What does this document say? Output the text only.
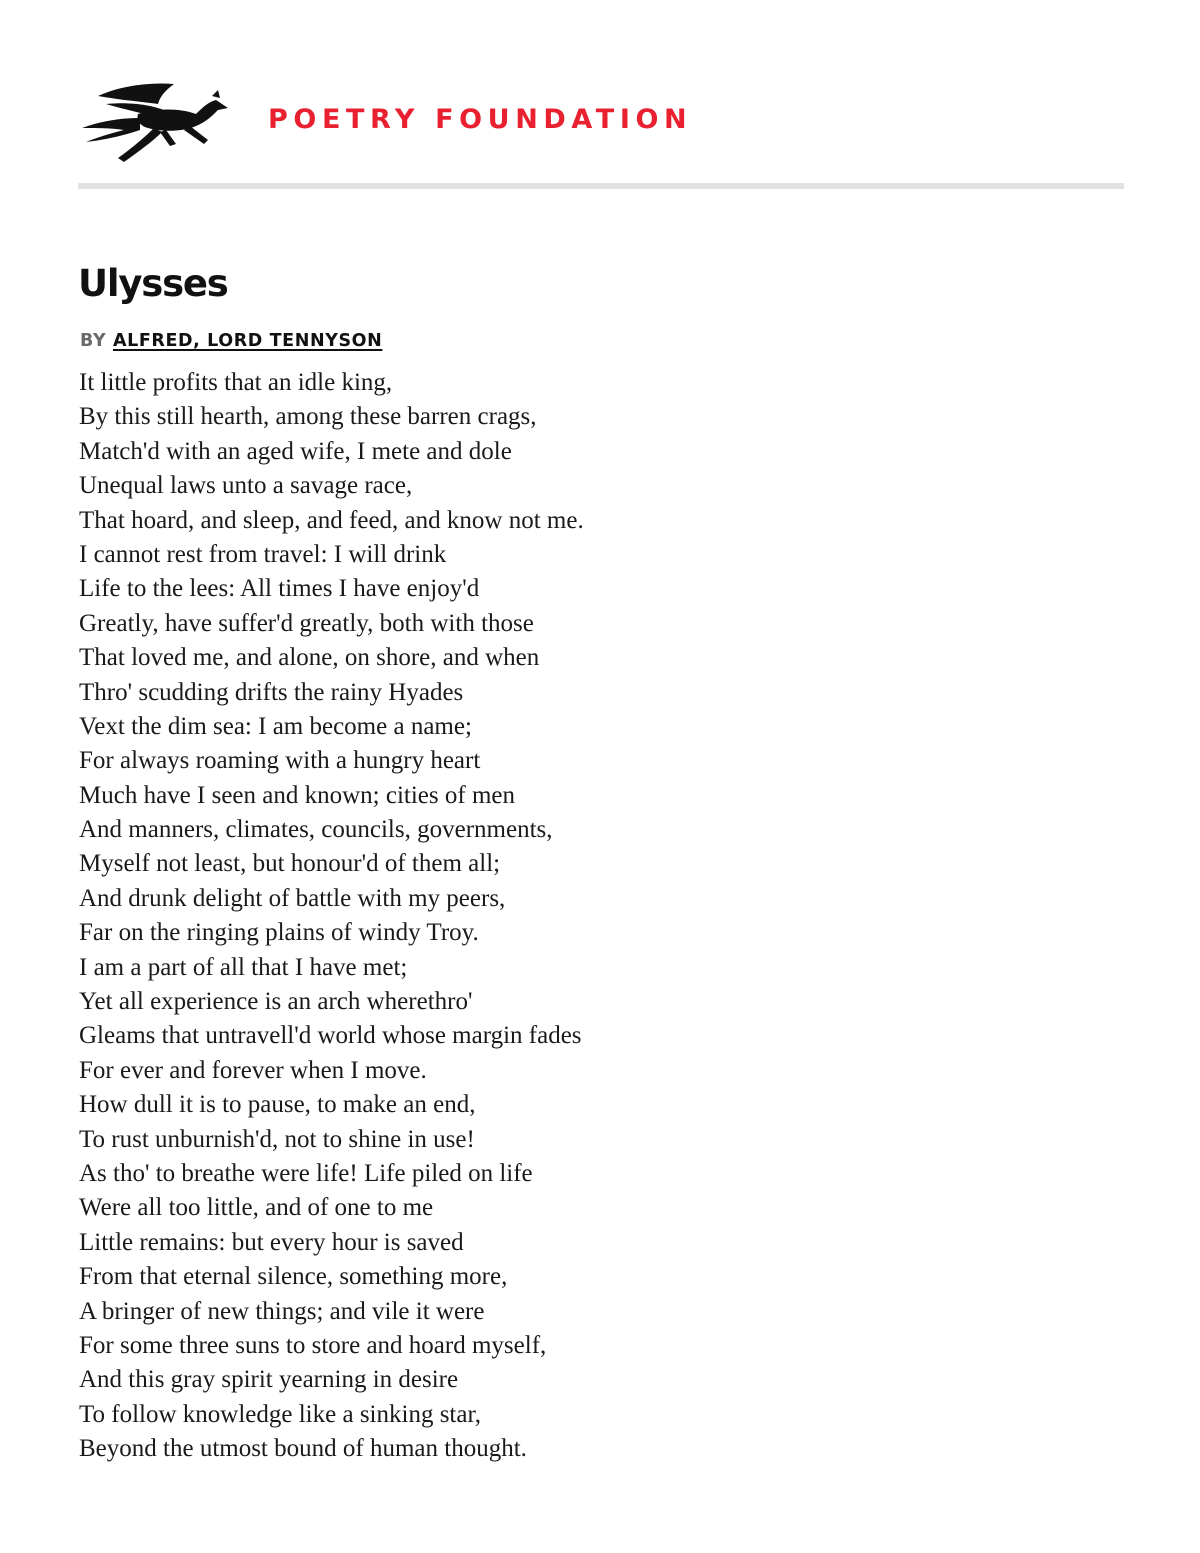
POETRY FOUNDATION
Ulysses
BY ALFRED, LORD TENNYSON
It little profits that an idle king,
By this still hearth, among these barren crags,
Match'd with an aged wife, I mete and dole
Unequal laws unto a savage race,
That hoard, and sleep, and feed, and know not me.
I cannot rest from travel: I will drink
Life to the lees: All times I have enjoy'd
Greatly, have suffer'd greatly, both with those
That loved me, and alone, on shore, and when
Thro' scudding drifts the rainy Hyades
Vext the dim sea: I am become a name;
For always roaming with a hungry heart
Much have I seen and known; cities of men
And manners, climates, councils, governments,
Myself not least, but honour'd of them all;
And drunk delight of battle with my peers,
Far on the ringing plains of windy Troy.
I am a part of all that I have met;
Yet all experience is an arch wherethro'
Gleams that untravell'd world whose margin fades
For ever and forever when I move.
How dull it is to pause, to make an end,
To rust unburnish'd, not to shine in use!
As tho' to breathe were life! Life piled on life
Were all too little, and of one to me
Little remains: but every hour is saved
From that eternal silence, something more,
A bringer of new things; and vile it were
For some three suns to store and hoard myself,
And this gray spirit yearning in desire
To follow knowledge like a sinking star,
Beyond the utmost bound of human thought.
